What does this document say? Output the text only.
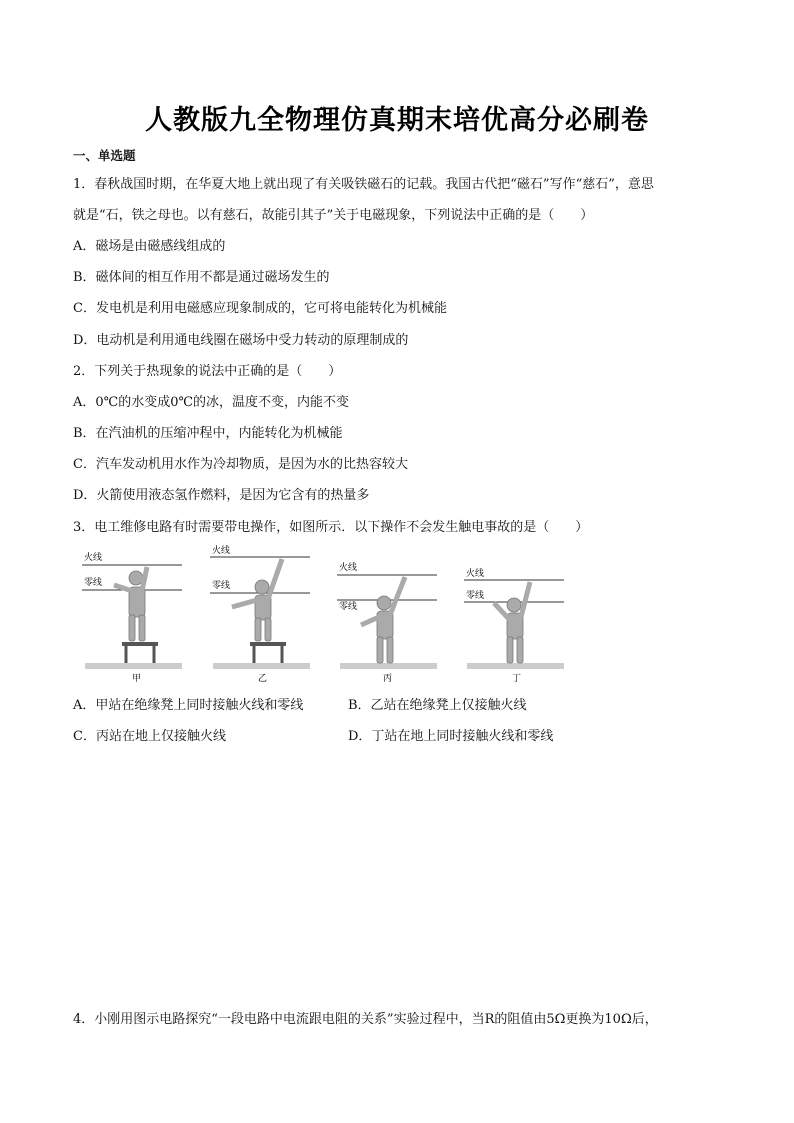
人教版九全物理仿真期末培优高分必刷卷
一、单选题
1．春秋战国时期，在华夏大地上就出现了有关吸铁磁石的记载。我国古代把“磁石”写作“慈石”，意思
就是“石，铁之母也。以有慈石，故能引其子”关于电磁现象，下列说法中正确的是（　　）
A．磁场是由磁感线组成的
B．磁体间的相互作用不都是通过磁场发生的
C．发电机是利用电磁感应现象制成的，它可将电能转化为机械能
D．电动机是利用通电线圈在磁场中受力转动的原理制成的
2．下列关于热现象的说法中正确的是（　　）
A．0℃的水变成0℃的冰，温度不变，内能不变
B．在汽油机的压缩冲程中，内能转化为机械能
C．汽车发动机用水作为冷却物质，是因为水的比热容较大
D．火箭使用液态氢作燃料，是因为它含有的热量多
3．电工维修电路有时需要带电操作，如图所示．以下操作不会发生触电事故的是（　　）
火线
零线
甲
火线
零线
乙
火线
零线
丙
火线
零线
丁
A．甲站在绝缘凳上同时接触火线和零线	B．乙站在绝缘凳上仅接触火线
C．丙站在地上仅接触火线	D．丁站在地上同时接触火线和零线
4．小刚用图示电路探究“一段电路中电流跟电阻的关系”实验过程中，当R的阻值由5Ω更换为10Ω后，
